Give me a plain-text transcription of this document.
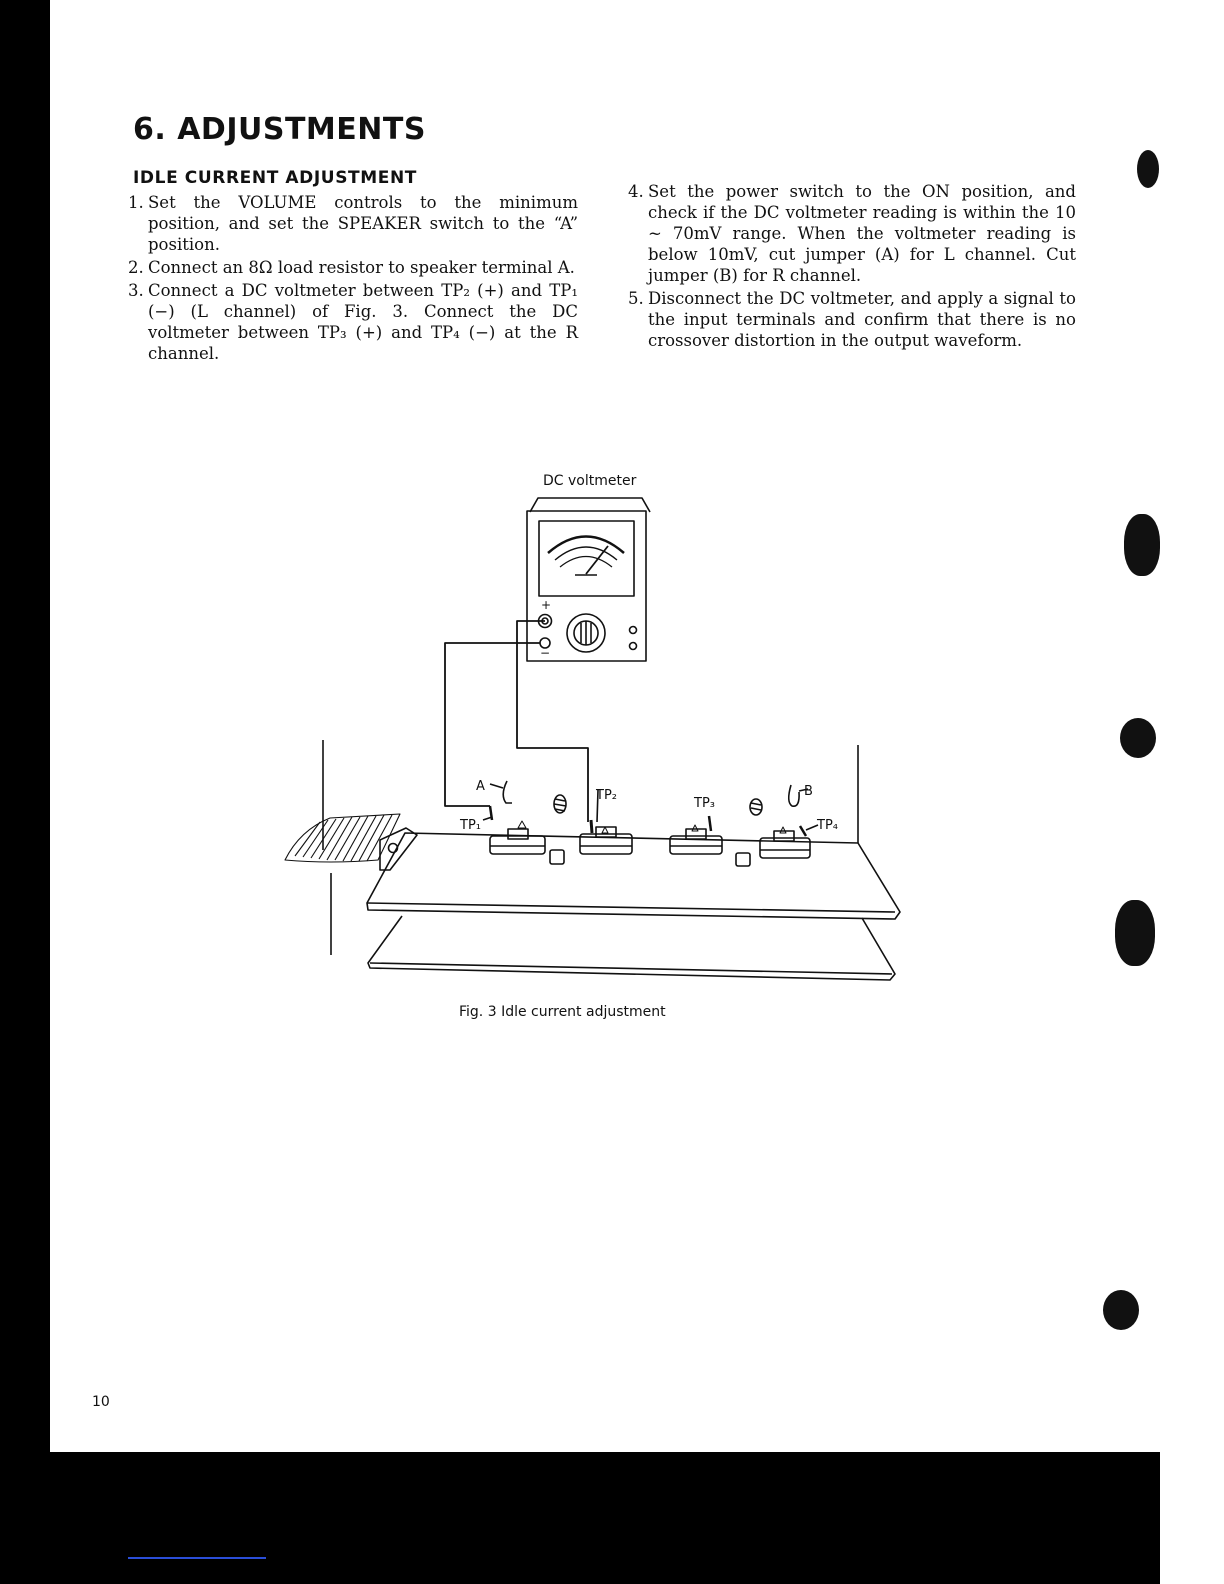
6. ADJUSTMENTS
IDLE CURRENT ADJUSTMENT
1. Set the VOLUME controls to the minimum position, and set the SPEAKER switch to the “A” position.
2. Connect an 8Ω load resistor to speaker terminal A.
3. Connect a DC voltmeter between TP₂ (+) and TP₁ (−) (L channel) of Fig. 3. Connect the DC voltmeter between TP₃ (+) and TP₄ (−) at the R channel.
4. Set the power switch to the ON position, and check if the DC voltmeter reading is within the 10 ~ 70mV range. When the voltmeter reading is below 10mV, cut jumper (A) for L channel. Cut jumper (B) for R channel.
5. Disconnect the DC voltmeter, and apply a signal to the input terminals and confirm that there is no crossover distortion in the output waveform.
DC voltmeter
+
−
A	B
TP₁
TP₂
TP₃
TP₄
Fig. 3 Idle current adjustment
10
